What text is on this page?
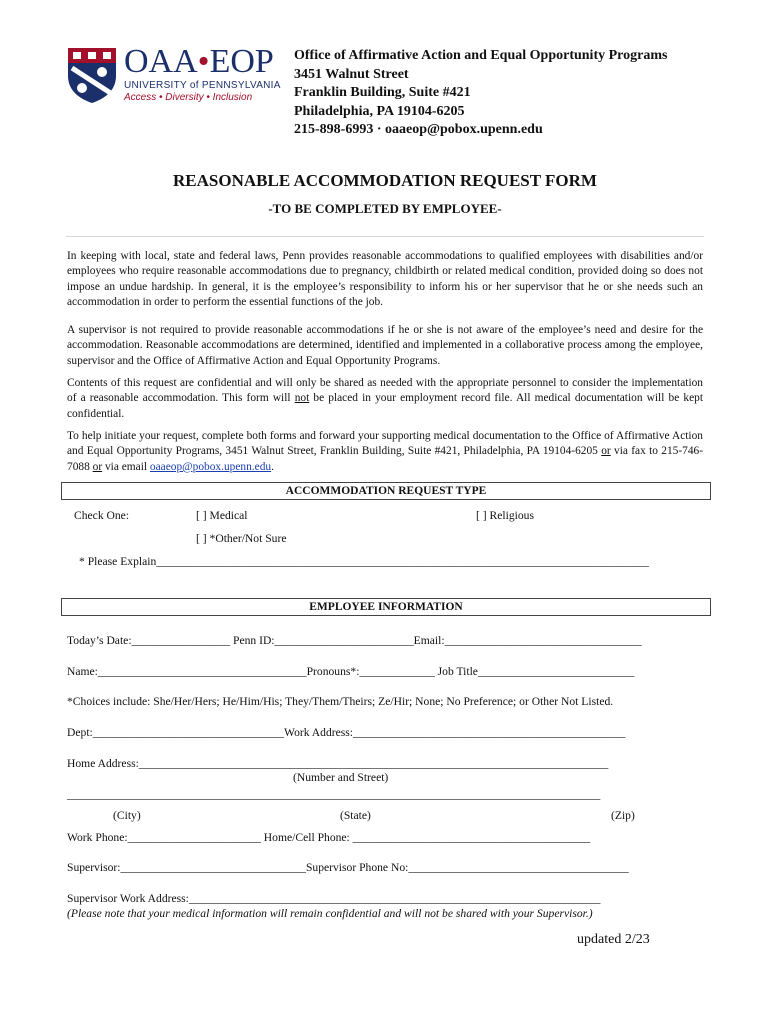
OAA•EOP
UNIVERSITY of PENNSYLVANIA
Access • Diversity • Inclusion
Office of Affirmative Action and Equal Opportunity Programs
3451 Walnut Street
Franklin Building, Suite #421
Philadelphia, PA 19104-6205
215-898-6993 · oaaeop@pobox.upenn.edu
REASONABLE ACCOMMODATION REQUEST FORM
-TO BE COMPLETED BY EMPLOYEE-
In keeping with local, state and federal laws, Penn provides reasonable accommodations to qualified employees with disabilities and/or employees who require reasonable accommodations due to pregnancy, childbirth or related medical condition, provided doing so does not impose an undue hardship. In general, it is the employee’s responsibility to inform his or her supervisor that he or she needs such an accommodation in order to perform the essential functions of the job.
A supervisor is not required to provide reasonable accommodations if he or she is not aware of the employee’s need and desire for the accommodation. Reasonable accommodations are determined, identified and implemented in a collaborative process among the employee, supervisor and the Office of Affirmative Action and Equal Opportunity Programs.
Contents of this request are confidential and will only be shared as needed with the appropriate personnel to consider the implementation of a reasonable accommodation. This form will not be placed in your employment record file. All medical documentation will be kept confidential.
To help initiate your request, complete both forms and forward your supporting medical documentation to the Office of Affirmative Action and Equal Opportunity Programs, 3451 Walnut Street, Franklin Building, Suite #421, Philadelphia, PA 19104-6205 or via fax to 215-746-7088 or via email oaaeop@pobox.upenn.edu.
ACCOMMODATION REQUEST TYPE
Check One:	[ ] Medical	[ ] Religious
[ ] *Other/Not Sure
* Please Explain_____________________________________________________________________________________
EMPLOYEE INFORMATION
Today’s Date:_________________ Penn ID:________________________Email:__________________________________
Name:____________________________________Pronouns*:_____________ Job Title___________________________
*Choices include: She/Her/Hers; He/Him/His; They/Them/Theirs; Ze/Hir; None; No Preference; or Other Not Listed.
Dept:_________________________________Work Address:_______________________________________________
Home Address:_________________________________________________________________________________
(Number and Street)
____________________________________________________________________________________________
(City)	(State)	(Zip)
Work Phone:_______________________ Home/Cell Phone: _________________________________________
Supervisor:________________________________Supervisor Phone No:______________________________________
Supervisor Work Address:_______________________________________________________________________
(Please note that your medical information will remain confidential and will not be shared with your Supervisor.)
updated 2/23
